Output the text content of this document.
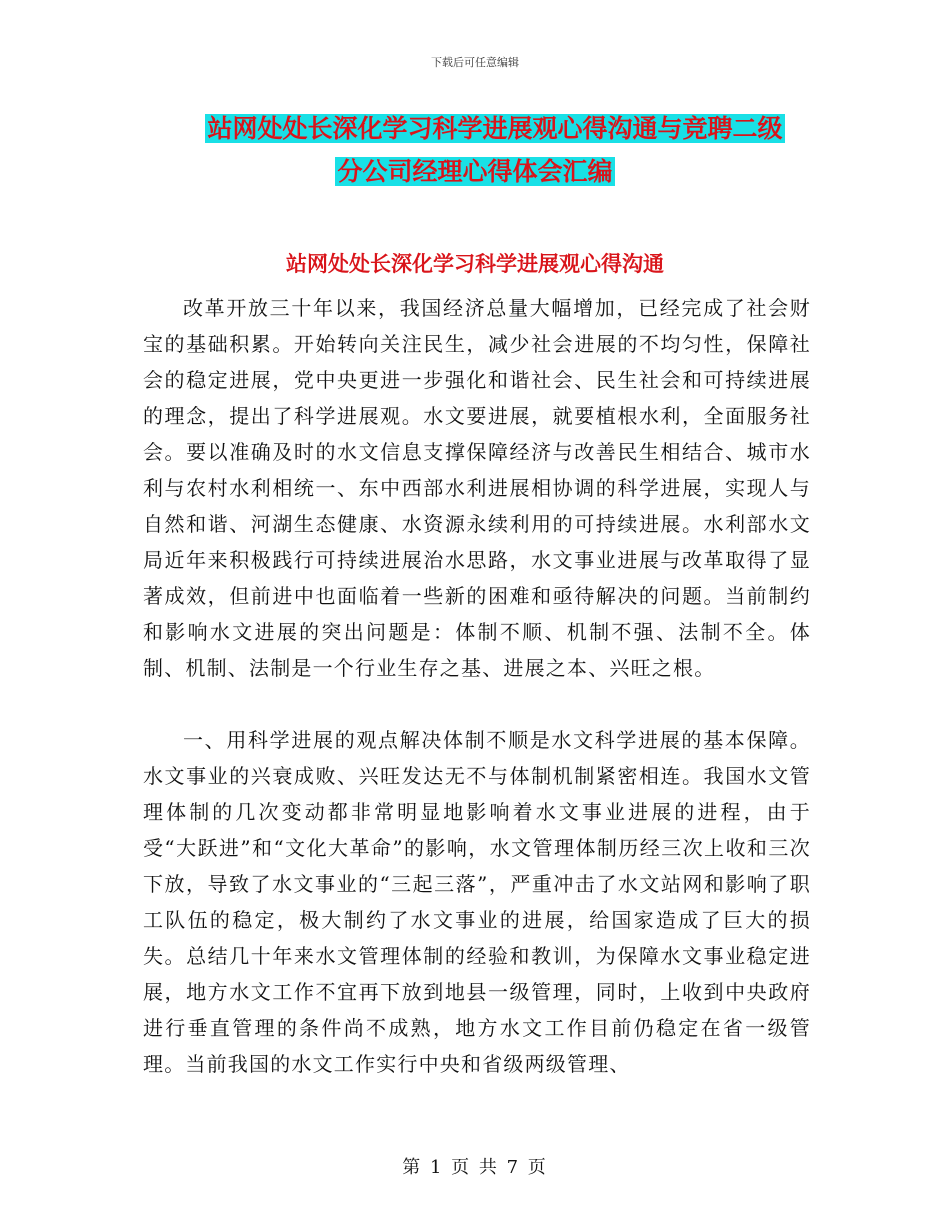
下载后可任意编辑
站网处处长深化学习科学进展观心得沟通与竞聘二级
分公司经理心得体会汇编
站网处处长深化学习科学进展观心得沟通

改革开放三十年以来，我国经济总量大幅增加，已经完成了社会财宝的基础积累。开始转向关注民生，减少社会进展的不均匀性，保障社会的稳定进展，党中央更进一步强化和谐社会、民生社会和可持续进展的理念，提出了科学进展观。水文要进展，就要植根水利，全面服务社会。要以准确及时的水文信息支撑保障经济与改善民生相结合、城市水利与农村水利相统一、东中西部水利进展相协调的科学进展，实现人与自然和谐、河湖生态健康、水资源永续利用的可持续进展。水利部水文局近年来积极践行可持续进展治水思路，水文事业进展与改革取得了显著成效，但前进中也面临着一些新的困难和亟待解决的问题。当前制约和影响水文进展的突出问题是：体制不顺、机制不强、法制不全。体制、机制、法制是一个行业生存之基、进展之本、兴旺之根。

一、用科学进展的观点解决体制不顺是水文科学进展的基本保障。水文事业的兴衰成败、兴旺发达无不与体制机制紧密相连。我国水文管理体制的几次变动都非常明显地影响着水文事业进展的进程，由于受“大跃进”和“文化大革命”的影响，水文管理体制历经三次上收和三次下放，导致了水文事业的“三起三落”，严重冲击了水文站网和影响了职工队伍的稳定，极大制约了水文事业的进展，给国家造成了巨大的损失。总结几十年来水文管理体制的经验和教训，为保障水文事业稳定进展，地方水文工作不宜再下放到地县一级管理，同时，上收到中央政府进行垂直管理的条件尚不成熟，地方水文工作目前仍稳定在省一级管理。当前我国的水文工作实行中央和省级两级管理、

第 1 页 共 7 页
